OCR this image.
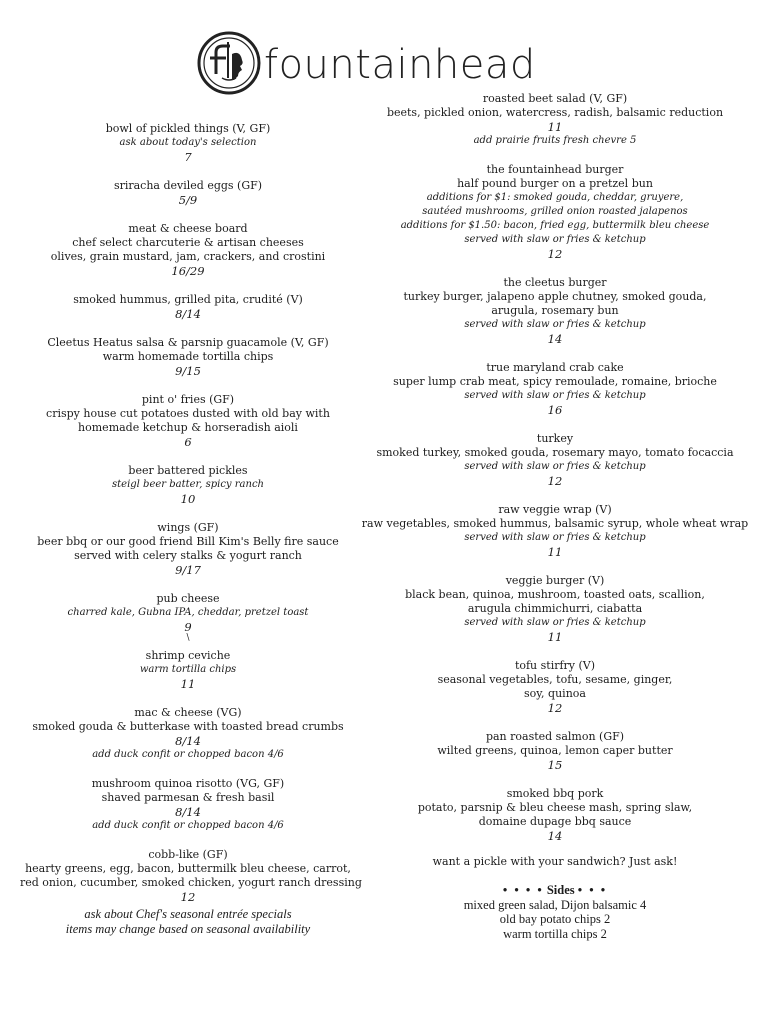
fountainhead
bowl of pickled things (V, GF)
ask about today's selection
7
sriracha deviled eggs (GF)
5/9
meat & cheese board
chef select charcuterie & artisan cheeses
olives, grain mustard, jam, crackers, and crostini
16/29
smoked hummus, grilled pita, crudité (V)
8/14
Cleetus Heatus salsa & parsnip guacamole (V, GF)
warm homemade tortilla chips
9/15
pint o' fries (GF)
crispy house cut potatoes dusted with old bay with
homemade ketchup & horseradish aioli
6
beer battered pickles
steigl beer batter, spicy ranch
10
wings (GF)
beer bbq or our good friend Bill Kim's Belly fire sauce
served with celery stalks & yogurt ranch
9/17
pub cheese
charred kale, Gubna IPA, cheddar, pretzel toast
9
\
shrimp ceviche
warm tortilla chips
11
mac & cheese (VG)
smoked gouda & butterkase with toasted bread crumbs
8/14
add duck confit or chopped bacon 4/6
mushroom quinoa risotto (VG, GF)
shaved parmesan & fresh basil
8/14
add duck confit or chopped bacon 4/6
cobb-like (GF)
hearty greens, egg, bacon, buttermilk bleu cheese, carrot,
red onion, cucumber, smoked chicken, yogurt ranch dressing
12
ask about Chef's seasonal entrée specials
items may change based on seasonal availability
roasted beet salad (V, GF)
beets, pickled onion, watercress, radish, balsamic reduction
11
add prairie fruits fresh chevre 5
the fountainhead burger
half pound burger on a pretzel bun
additions for $1: smoked gouda, cheddar, gruyere,
sautéed mushrooms, grilled onion roasted jalapenos
additions for $1.50: bacon, fried egg, buttermilk bleu cheese
served with slaw or fries & ketchup
12
the cleetus burger
turkey burger, jalapeno apple chutney, smoked gouda,
arugula, rosemary bun
served with slaw or fries & ketchup
14
true maryland crab cake
super lump crab meat, spicy remoulade, romaine, brioche
served with slaw or fries & ketchup
16
turkey
smoked turkey, smoked gouda, rosemary mayo, tomato focaccia
served with slaw or fries & ketchup
12
raw veggie wrap (V)
raw vegetables, smoked hummus, balsamic syrup, whole wheat wrap
served with slaw or fries & ketchup
11
veggie burger (V)
black bean, quinoa, mushroom, toasted oats, scallion,
arugula chimmichurri, ciabatta
served with slaw or fries & ketchup
11
tofu stirfry (V)
seasonal vegetables, tofu, sesame, ginger,
soy, quinoa
12
pan roasted salmon (GF)
wilted greens, quinoa, lemon caper butter
15
smoked bbq pork
potato, parsnip & bleu cheese mash, spring slaw,
domaine dupage bbq sauce
14
want a pickle with your sandwich? Just ask!
• • • • Sides • • •
mixed green salad, Dijon balsamic 4
old bay potato chips 2
warm tortilla chips 2
